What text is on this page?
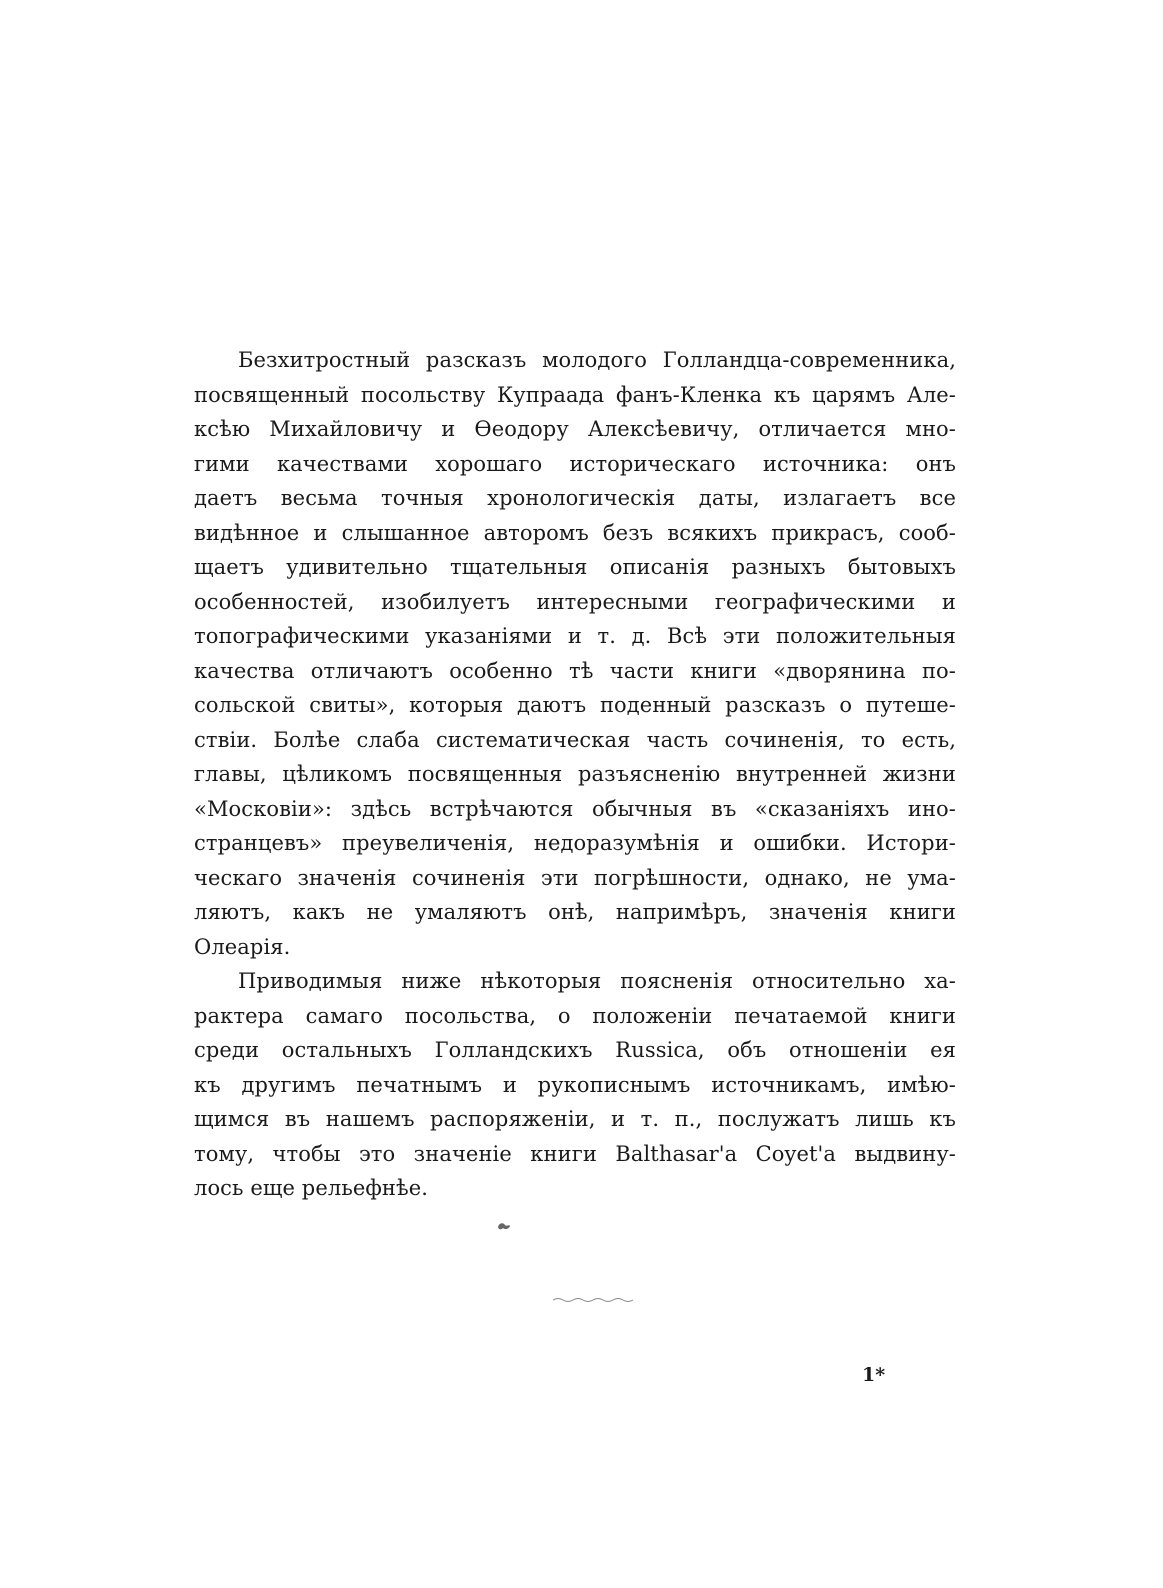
Безхитростный разсказъ молодого Голландца-современника,
посвященный посольству Купраада фанъ-Кленка къ царямъ Але-
ксѣю Михайловичу и Ѳеодору Алексѣевичу, отличается мно-
гими качествами хорошаго историческаго источника: онъ
даетъ весьма точныя хронологическія даты, излагаетъ все
видѣнное и слышанное авторомъ безъ всякихъ прикрасъ, сооб-
щаетъ удивительно тщательныя описанія разныхъ бытовыхъ
особенностей, изобилуетъ интересными географическими и
топографическими указаніями и т. д. Всѣ эти положительныя
качества отличаютъ особенно тѣ части книги «дворянина по-
сольской свиты», которыя даютъ поденный разсказъ о путеше-
ствіи. Болѣе слаба систематическая часть сочиненія, то есть,
главы, цѣликомъ посвященныя разъясненію внутренней жизни
«Московіи»: здѣсь встрѣчаются обычныя въ «сказаніяхъ ино-
странцевъ» преувеличенія, недоразумѣнія и ошибки. Истори-
ческаго значенія сочиненія эти погрѣшности, однако, не ума-
ляютъ, какъ не умаляютъ онѣ, напримѣръ, значенія книги
Олеарія.
Приводимыя ниже нѣкоторыя поясненія относительно ха-
рактера самаго посольства, о положеніи печатаемой книги
среди остальныхъ Голландскихъ Russica, объ отношеніи ея
къ другимъ печатнымъ и рукописнымъ источникамъ, имѣю-
щимся въ нашемъ распоряженіи, и т. п., послужатъ лишь къ
тому, чтобы это значеніе книги Balthasar'a Coyet'a выдвину-
лось еще рельефнѣе.
1*
